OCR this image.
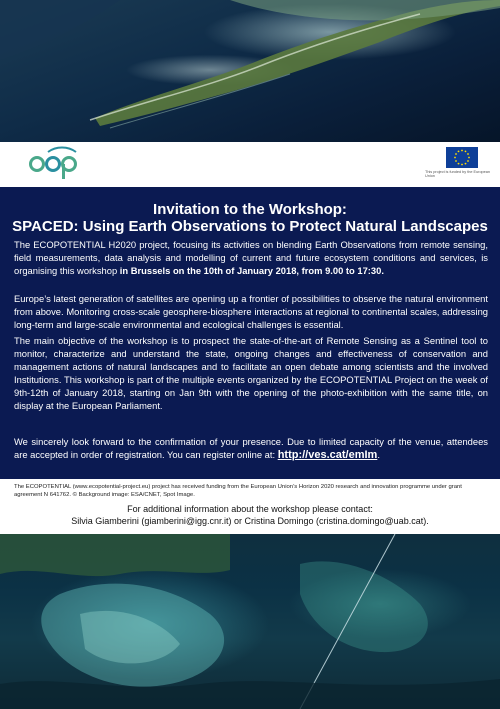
This project is funded by the European Union
Invitation to the Workshop:
SPACED: Using Earth Observations to Protect Natural Landscapes

The ECOPOTENTIAL H2020 project, focusing its activities on blending Earth Observations from remote sensing, field measurements, data analysis and modelling of current and future ecosystem conditions and services, is organising this workshop in Brussels on the 10th of January 2018, from 9.00 to 17:30.

Europe’s latest generation of satellites are opening up a frontier of possibilities to observe the natural environment from above. Monitoring cross-scale geosphere-biosphere interactions at regional to continental scales, addressing long-term and large-scale environmental and ecological challenges is essential.

The main objective of the workshop is to prospect the state-of-the-art of Remote Sensing as a Sentinel tool to monitor, characterize and understand the state, ongoing changes and effectiveness of conservation and management actions of natural landscapes and to facilitate an open debate among scientists and the involved Institutions. This workshop is part of the multiple events organized by the ECOPOTENTIAL Project on the week of 9th-12th of January 2018, starting on Jan 9th with the opening of the photo-exhibition with the same title, on display at the European Parliament.

We sincerely look forward to the confirmation of your presence. Due to limited capacity of the venue, attendees are accepted in order of registration. You can register online at: http://ves.cat/emIm.

The ECOPOTENTIAL (www.ecopotential-project.eu) project has received funding from the European Union’s Horizon 2020 research and innovation programme under grant agreement N 641762. © Background image: ESA/CNET, Spot Image.

For additional information about the workshop please contact:
Silvia Giamberini (giamberini@igg.cnr.it) or Cristina Domingo (cristina.domingo@uab.cat).
